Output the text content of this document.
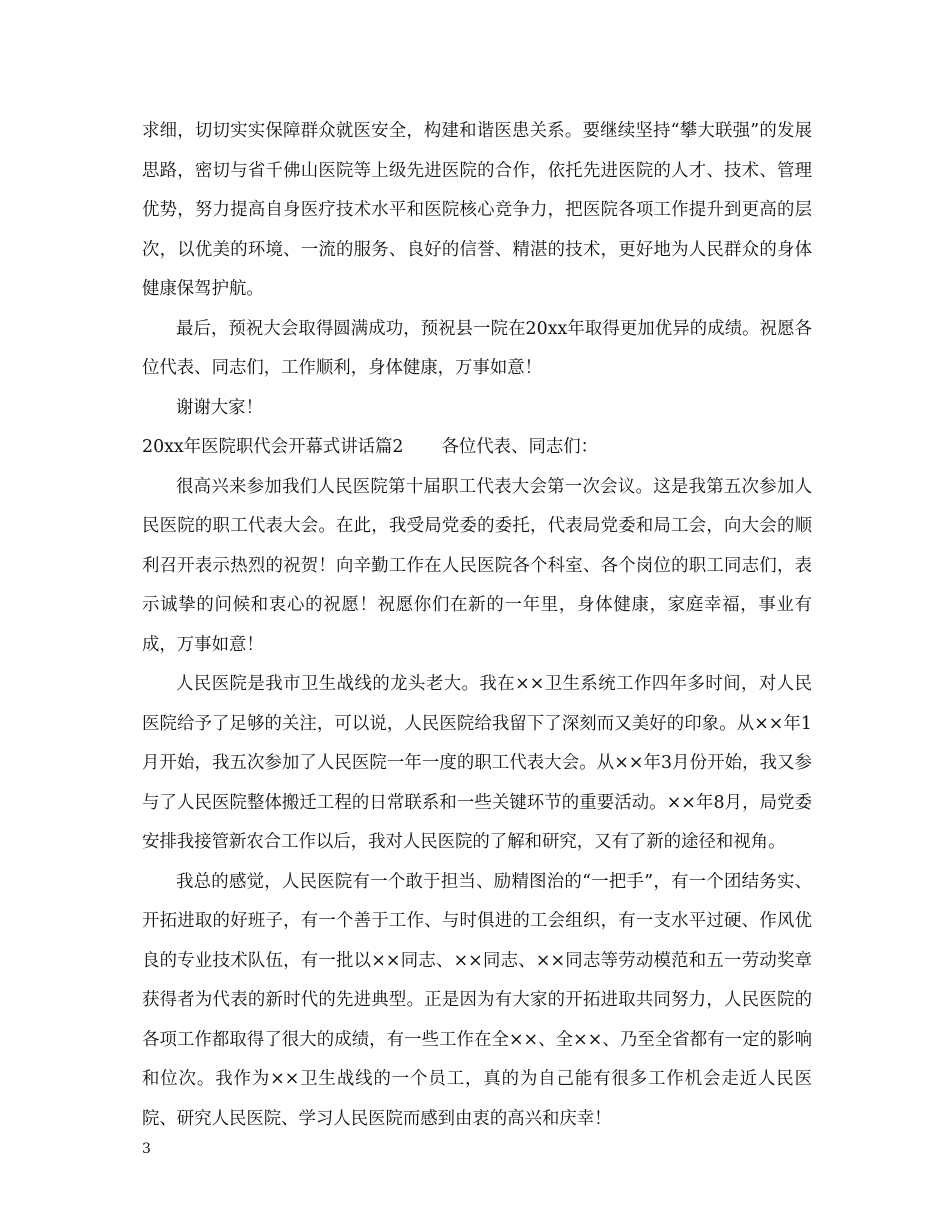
求细，切切实实保障群众就医安全，构建和谐医患关系。要继续坚持“攀大联强”的发展思路，密切与省千佛山医院等上级先进医院的合作，依托先进医院的人才、技术、管理优势，努力提高自身医疗技术水平和医院核心竞争力，把医院各项工作提升到更高的层次，以优美的环境、一流的服务、良好的信誉、精湛的技术，更好地为人民群众的身体健康保驾护航。

最后，预祝大会取得圆满成功，预祝县一院在20xx年取得更加优异的成绩。祝愿各位代表、同志们，工作顺利，身体健康，万事如意！

谢谢大家！

20xx年医院职代会开幕式讲话篇2 各位代表、同志们：

很高兴来参加我们人民医院第十届职工代表大会第一次会议。这是我第五次参加人民医院的职工代表大会。在此，我受局党委的委托，代表局党委和局工会，向大会的顺利召开表示热烈的祝贺！向辛勤工作在人民医院各个科室、各个岗位的职工同志们，表示诚挚的问候和衷心的祝愿！祝愿你们在新的一年里，身体健康，家庭幸福，事业有成，万事如意！

人民医院是我市卫生战线的龙头老大。我在××卫生系统工作四年多时间，对人民医院给予了足够的关注，可以说，人民医院给我留下了深刻而又美好的印象。从××年1月开始，我五次参加了人民医院一年一度的职工代表大会。从××年3月份开始，我又参与了人民医院整体搬迁工程的日常联系和一些关键环节的重要活动。××年8月，局党委安排我接管新农合工作以后，我对人民医院的了解和研究，又有了新的途径和视角。

我总的感觉，人民医院有一个敢于担当、励精图治的“一把手”，有一个团结务实、开拓进取的好班子，有一个善于工作、与时俱进的工会组织，有一支水平过硬、作风优良的专业技术队伍，有一批以××同志、××同志、××同志等劳动模范和五一劳动奖章获得者为代表的新时代的先进典型。正是因为有大家的开拓进取共同努力，人民医院的各项工作都取得了很大的成绩，有一些工作在全××、全××、乃至全省都有一定的影响和位次。我作为××卫生战线的一个员工，真的为自己能有很多工作机会走近人民医院、研究人民医院、学习人民医院而感到由衷的高兴和庆幸！

3
